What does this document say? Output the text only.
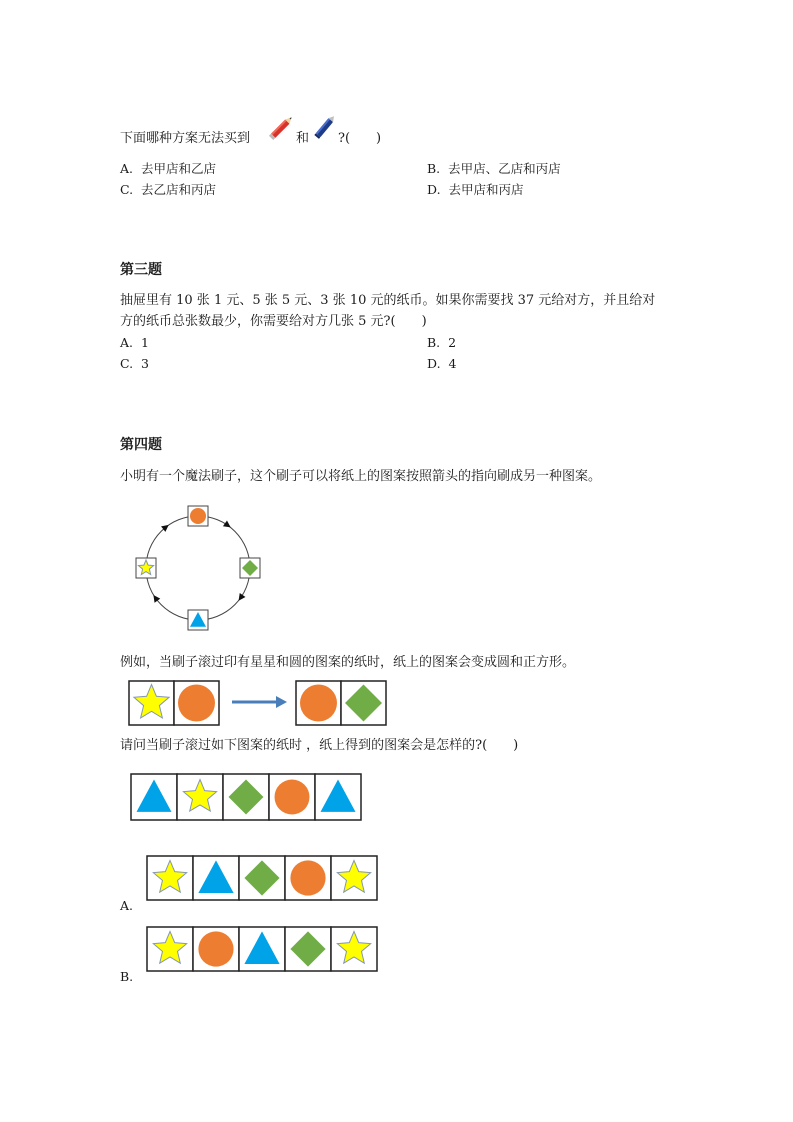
下面哪种方案无法买到	和 ?(　　)
A. 去甲店和乙店	B. 去甲店、乙店和丙店
C. 去乙店和丙店	D. 去甲店和丙店
第三题
抽屉里有 10 张 1 元、5 张 5 元、3 张 10 元的纸币。如果你需要找 37 元给对方，并且给对
方的纸币总张数最少，你需要给对方几张 5 元?(　　)
A. 1	B. 2
C. 3	D. 4
第四题
小明有一个魔法刷子，这个刷子可以将纸上的图案按照箭头的指向刷成另一种图案。
例如，当刷子滚过印有星星和圆的图案的纸时，纸上的图案会变成圆和正方形。
请问当刷子滚过如下图案的纸时 ，纸上得到的图案会是怎样的?(　　)
A.
B.
